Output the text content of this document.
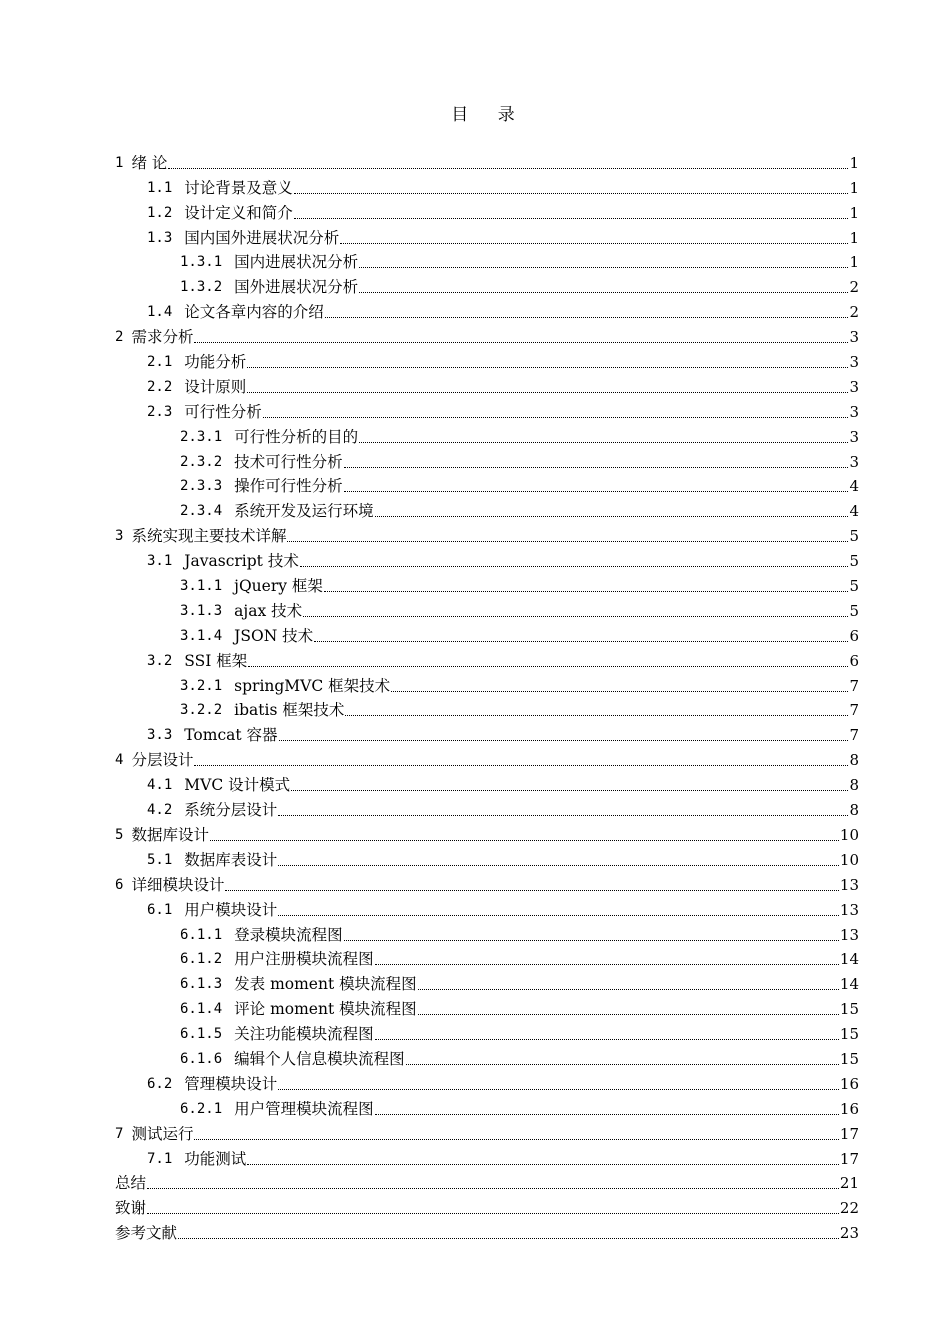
目 录
1 绪 论	1
1.1 讨论背景及意义	1
1.2 设计定义和简介	1
1.3 国内国外进展状况分析	1
1.3.1 国内进展状况分析	1
1.3.2 国外进展状况分析	2
1.4 论文各章内容的介绍	2
2 需求分析	3
2.1 功能分析	3
2.2 设计原则	3
2.3 可行性分析	3
2.3.1 可行性分析的目的	3
2.3.2 技术可行性分析	3
2.3.3 操作可行性分析	4
2.3.4 系统开发及运行环境	4
3 系统实现主要技术详解	5
3.1 Javascript 技术	5
3.1.1 jQuery 框架	5
3.1.3 ajax 技术	5
3.1.4 JSON 技术	6
3.2 SSI 框架	6
3.2.1 springMVC 框架技术	7
3.2.2 ibatis 框架技术	7
3.3 Tomcat 容器	7
4 分层设计	8
4.1 MVC 设计模式	8
4.2 系统分层设计	8
5 数据库设计	10
5.1 数据库表设计	10
6 详细模块设计	13
6.1 用户模块设计	13
6.1.1 登录模块流程图	13
6.1.2 用户注册模块流程图	14
6.1.3 发表 moment 模块流程图	14
6.1.4 评论 moment 模块流程图	15
6.1.5 关注功能模块流程图	15
6.1.6 编辑个人信息模块流程图	15
6.2 管理模块设计	16
6.2.1 用户管理模块流程图	16
7 测试运行	17
7.1 功能测试	17
总结	21
致谢	22
参考文献	23
